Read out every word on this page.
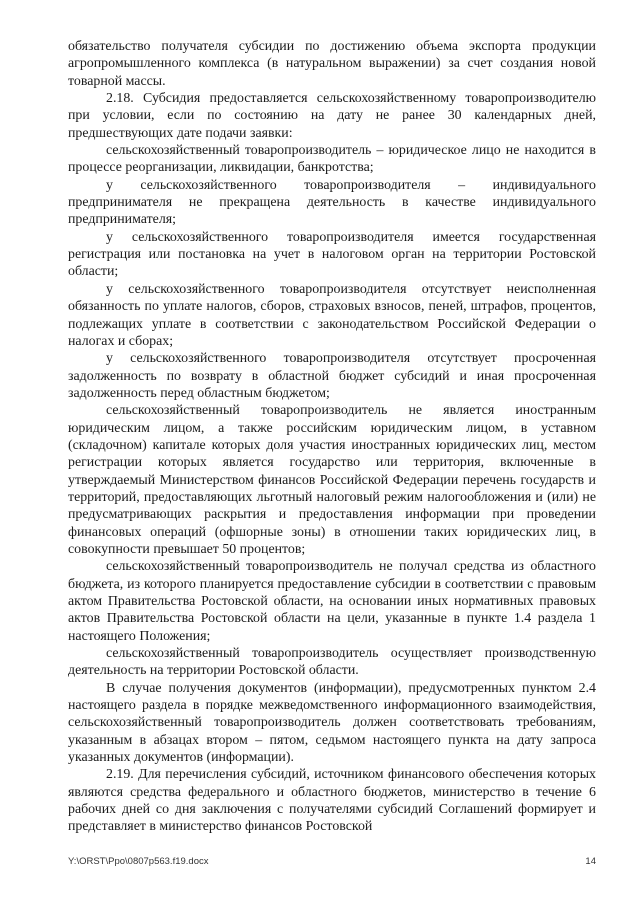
обязательство получателя субсидии по достижению объема экспорта продукции агропромышленного комплекса (в натуральном выражении) за счет создания новой товарной массы.

2.18. Субсидия предоставляется сельскохозяйственному товаропроизводителю при условии, если по состоянию на дату не ранее 30 календарных дней, предшествующих дате подачи заявки:

сельскохозяйственный товаропроизводитель – юридическое лицо не находится в процессе реорганизации, ликвидации, банкротства;

у сельскохозяйственного товаропроизводителя – индивидуального предпринимателя не прекращена деятельность в качестве индивидуального предпринимателя;

у сельскохозяйственного товаропроизводителя имеется государственная регистрация или постановка на учет в налоговом орган на территории Ростовской области;

у сельскохозяйственного товаропроизводителя отсутствует неисполненная обязанность по уплате налогов, сборов, страховых взносов, пеней, штрафов, процентов, подлежащих уплате в соответствии с законодательством Российской Федерации о налогах и сборах;

у сельскохозяйственного товаропроизводителя отсутствует просроченная задолженность по возврату в областной бюджет субсидий и иная просроченная задолженность перед областным бюджетом;

сельскохозяйственный товаропроизводитель не является иностранным юридическим лицом, а также российским юридическим лицом, в уставном (складочном) капитале которых доля участия иностранных юридических лиц, местом регистрации которых является государство или территория, включенные в утверждаемый Министерством финансов Российской Федерации перечень государств и территорий, предоставляющих льготный налоговый режим налогообложения и (или) не предусматривающих раскрытия и предоставления информации при проведении финансовых операций (офшорные зоны) в отношении таких юридических лиц, в совокупности превышает 50 процентов;

сельскохозяйственный товаропроизводитель не получал средства из областного бюджета, из которого планируется предоставление субсидии в соответствии с правовым актом Правительства Ростовской области, на основании иных нормативных правовых актов Правительства Ростовской области на цели, указанные в пункте 1.4 раздела 1 настоящего Положения;

сельскохозяйственный товаропроизводитель осуществляет производственную деятельность на территории Ростовской области.

В случае получения документов (информации), предусмотренных пунктом 2.4 настоящего раздела в порядке межведомственного информационного взаимодействия, сельскохозяйственный товаропроизводитель должен соответствовать требованиям, указанным в абзацах втором – пятом, седьмом настоящего пункта на дату запроса указанных документов (информации).

2.19. Для перечисления субсидий, источником финансового обеспечения которых являются средства федерального и областного бюджетов, министерство в течение 6 рабочих дней со дня заключения с получателями субсидий Соглашений формирует и представляет в министерство финансов Ростовской

Y:\ORST\Ppo\0807p563.f19.docx	14
